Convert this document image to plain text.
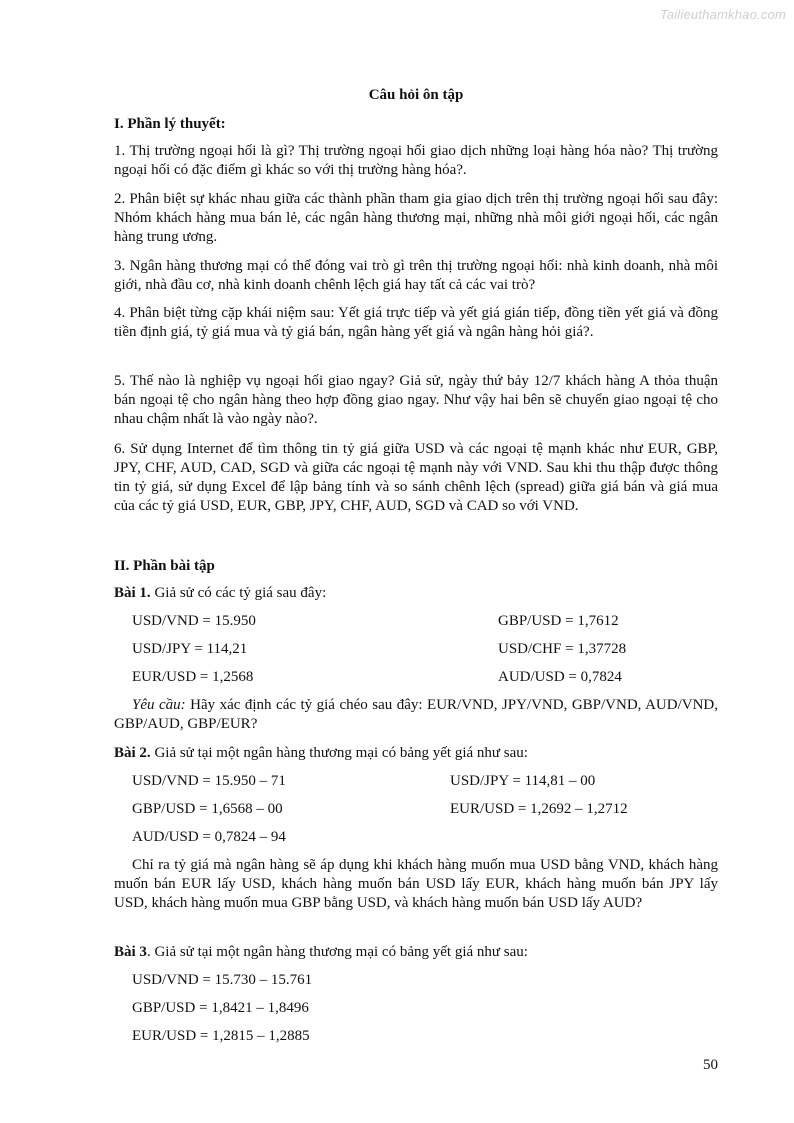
Tailieuthamkhao.com
Câu hỏi ôn tập
I. Phần lý thuyết:
1. Thị trường ngoại hối là gì? Thị trường ngoại hối giao dịch những loại hàng hóa nào? Thị trường ngoại hối có đặc điểm gì khác so với thị trường hàng hóa?.
2. Phân biệt sự khác nhau giữa các thành phần tham gia giao dịch trên thị trường ngoại hối sau đây: Nhóm khách hàng mua bán lẻ, các ngân hàng thương mại, những nhà môi giới ngoại hối, các ngân hàng trung ương.
3. Ngân hàng thương mại có thể đóng vai trò gì trên thị trường ngoại hối: nhà kinh doanh, nhà môi giới, nhà đầu cơ, nhà kinh doanh chênh lệch giá hay tất cả các vai trò?
4. Phân biệt từng cặp khái niệm sau: Yết giá trực tiếp và yết giá gián tiếp, đồng tiền yết giá và đồng tiền định giá, tỷ giá mua và tỷ giá bán, ngân hàng yết giá và ngân hàng hỏi giá?.
5. Thế nào là nghiệp vụ ngoại hối giao ngay? Giả sử, ngày thứ bảy 12/7 khách hàng A thỏa thuận bán ngoại tệ cho ngân hàng theo hợp đồng giao ngay. Như vậy hai bên sẽ chuyển giao ngoại tệ cho nhau chậm nhất là vào ngày nào?.
6. Sử dụng Internet để tìm thông tin tỷ giá giữa USD và các ngoại tệ mạnh khác như EUR, GBP, JPY, CHF, AUD, CAD, SGD và giữa các ngoại tệ mạnh này với VND. Sau khi thu thập được thông tin tỷ giá, sử dụng Excel để lập bảng tính và so sánh chênh lệch (spread) giữa giá bán và giá mua của các tỷ giá USD, EUR, GBP, JPY, CHF, AUD, SGD và CAD so với VND.
II. Phần bài tập
Bài 1. Giả sử có các tỷ giá sau đây:
USD/VND = 15.950	GBP/USD = 1,7612
USD/JPY = 114,21	USD/CHF = 1,37728
EUR/USD = 1,2568	AUD/USD = 0,7824
Yêu cầu: Hãy xác định các tỷ giá chéo sau đây: EUR/VND, JPY/VND, GBP/VND, AUD/VND, GBP/AUD, GBP/EUR?
Bài 2. Giả sử tại một ngân hàng thương mại có bảng yết giá như sau:
USD/VND = 15.950 – 71	USD/JPY = 114,81 – 00
GBP/USD = 1,6568 – 00	EUR/USD = 1,2692 – 1,2712
AUD/USD = 0,7824 – 94
Chỉ ra tỷ giá mà ngân hàng sẽ áp dụng khi khách hàng muốn mua USD bằng VND, khách hàng muốn bán EUR lấy USD, khách hàng muốn bán USD lấy EUR, khách hàng muốn bán JPY lấy USD, khách hàng muốn mua GBP bằng USD, và khách hàng muốn bán USD lấy AUD?
Bài 3. Giả sử tại một ngân hàng thương mại có bảng yết giá như sau:
USD/VND = 15.730 – 15.761
GBP/USD = 1,8421 – 1,8496
EUR/USD = 1,2815 – 1,2885
50
